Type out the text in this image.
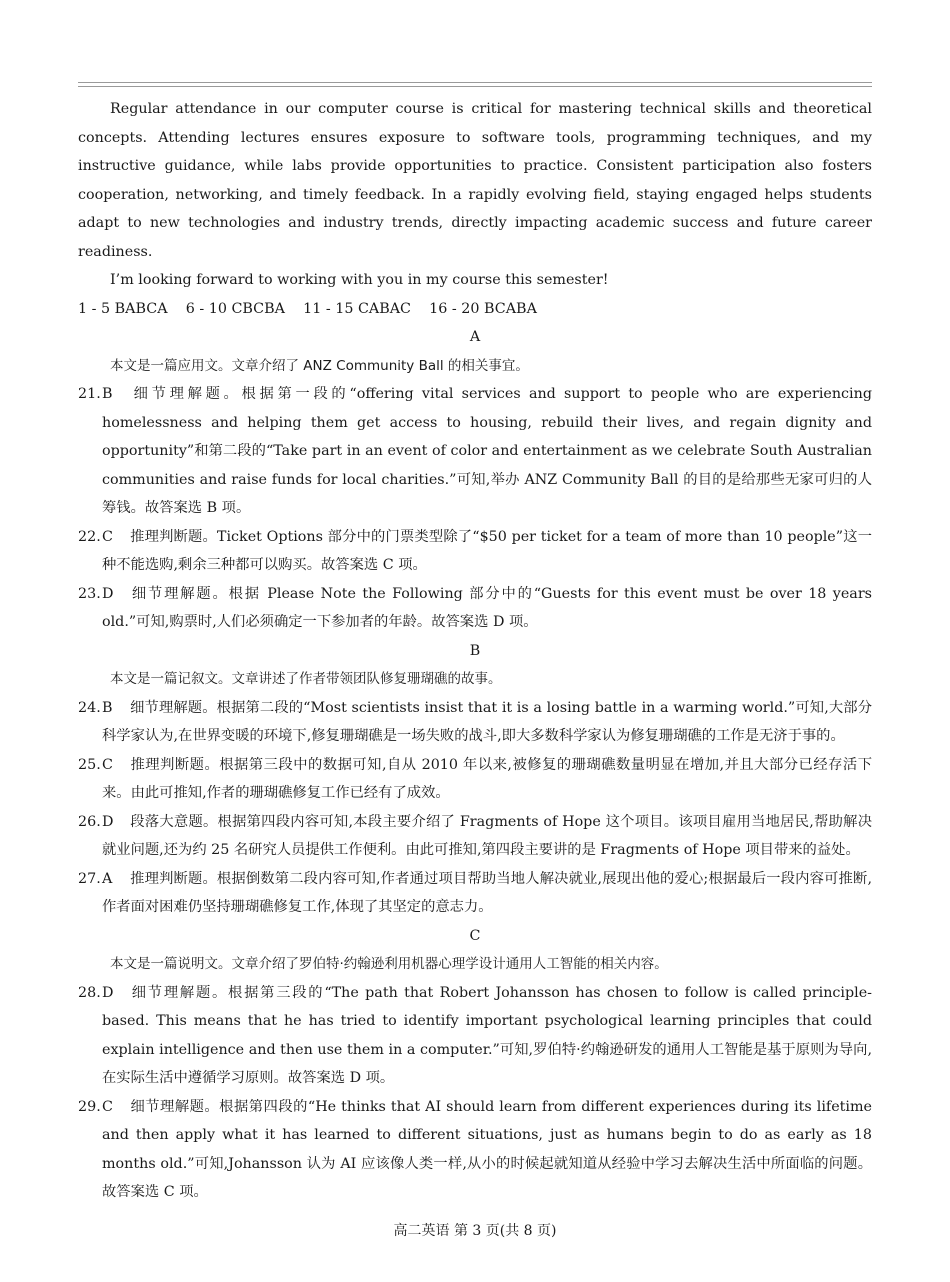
Regular attendance in our computer course is critical for mastering technical skills and theoretical concepts. Attending lectures ensures exposure to software tools, programming techniques, and my instructive guidance, while labs provide opportunities to practice. Consistent participation also fosters cooperation, networking, and timely feedback. In a rapidly evolving field, staying engaged helps students adapt to new technologies and industry trends, directly impacting academic success and future career readiness.

I’m looking forward to working with you in my course this semester!

1 - 5 BABCA    6 - 10 CBCBA    11 - 15 CABAC    16 - 20 BCABA

A

本文是一篇应用文。文章介绍了 ANZ Community Ball 的相关事宜。

21.B 细节理解题。根据第一段的“offering vital services and support to people who are experiencing homelessness and helping them get access to housing, rebuild their lives, and regain dignity and opportunity”和第二段的“Take part in an event of color and entertainment as we celebrate South Australian communities and raise funds for local charities.”可知,举办 ANZ Community Ball 的目的是给那些无家可归的人筹钱。故答案选 B 项。

22.C 推理判断题。Ticket Options 部分中的门票类型除了“$50 per ticket for a team of more than 10 people”这一种不能选购,剩余三种都可以购买。故答案选 C 项。

23.D 细节理解题。根据 Please Note the Following 部分中的“Guests for this event must be over 18 years old.”可知,购票时,人们必须确定一下参加者的年龄。故答案选 D 项。

B

本文是一篇记叙文。文章讲述了作者带领团队修复珊瑚礁的故事。

24.B 细节理解题。根据第二段的“Most scientists insist that it is a losing battle in a warming world.”可知,大部分科学家认为,在世界变暖的环境下,修复珊瑚礁是一场失败的战斗,即大多数科学家认为修复珊瑚礁的工作是无济于事的。

25.C 推理判断题。根据第三段中的数据可知,自从 2010 年以来,被修复的珊瑚礁数量明显在增加,并且大部分已经存活下来。由此可推知,作者的珊瑚礁修复工作已经有了成效。

26.D 段落大意题。根据第四段内容可知,本段主要介绍了 Fragments of Hope 这个项目。该项目雇用当地居民,帮助解决就业问题,还为约 25 名研究人员提供工作便利。由此可推知,第四段主要讲的是 Fragments of Hope 项目带来的益处。

27.A 推理判断题。根据倒数第二段内容可知,作者通过项目帮助当地人解决就业,展现出他的爱心;根据最后一段内容可推断,作者面对困难仍坚持珊瑚礁修复工作,体现了其坚定的意志力。

C

本文是一篇说明文。文章介绍了罗伯特·约翰逊利用机器心理学设计通用人工智能的相关内容。

28.D 细节理解题。根据第三段的“The path that Robert Johansson has chosen to follow is called principle-based. This means that he has tried to identify important psychological learning principles that could explain intelligence and then use them in a computer.”可知,罗伯特·约翰逊研发的通用人工智能是基于原则为导向,在实际生活中遵循学习原则。故答案选 D 项。

29.C 细节理解题。根据第四段的“He thinks that AI should learn from different experiences during its lifetime and then apply what it has learned to different situations, just as humans begin to do as early as 18 months old.”可知,Johansson 认为 AI 应该像人类一样,从小的时候起就知道从经验中学习去解决生活中所面临的问题。故答案选 C 项。

高二英语 第 3 页(共 8 页)
